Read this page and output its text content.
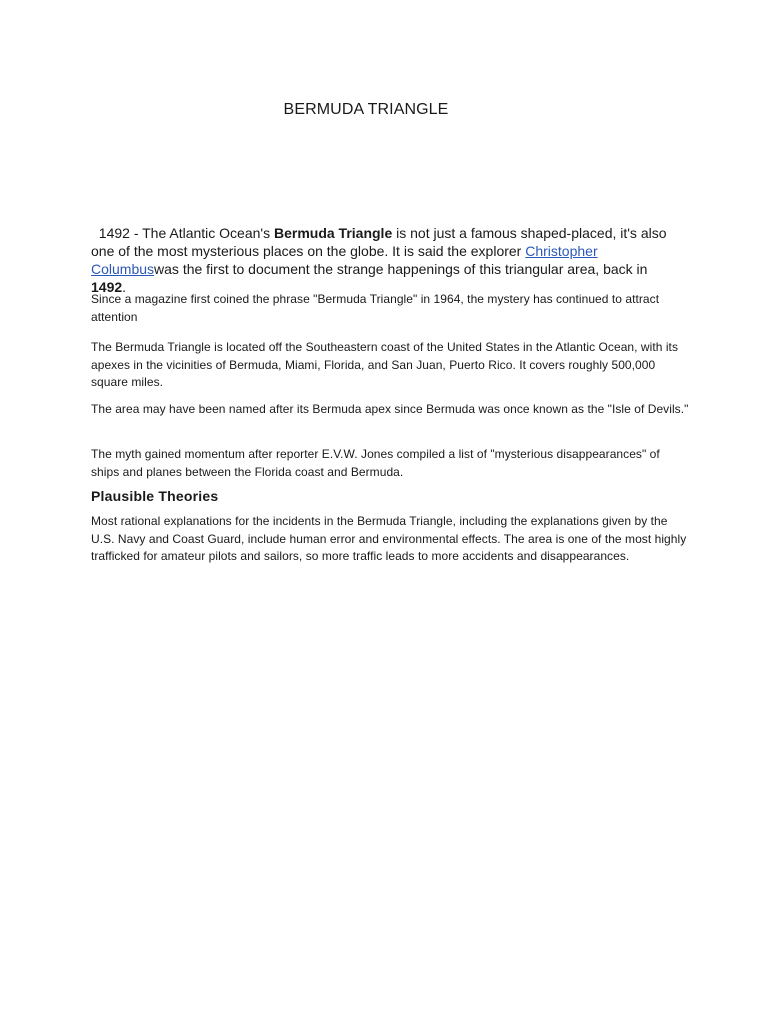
BERMUDA TRIANGLE

1492 - The Atlantic Ocean's Bermuda Triangle is not just a famous shaped-placed, it's also one of the most mysterious places on the globe. It is said the explorer Christopher Columbuswas the first to document the strange happenings of this triangular area, back in 1492.

Since a magazine first coined the phrase "Bermuda Triangle" in 1964, the mystery has continued to attract attention

The Bermuda Triangle is located off the Southeastern coast of the United States in the Atlantic Ocean, with its apexes in the vicinities of Bermuda, Miami, Florida, and San Juan, Puerto Rico. It covers roughly 500,000 square miles.

The area may have been named after its Bermuda apex since Bermuda was once known as the "Isle of Devils."

The myth gained momentum after reporter E.V.W. Jones compiled a list of "mysterious disappearances" of ships and planes between the Florida coast and Bermuda.

Plausible Theories

Most rational explanations for the incidents in the Bermuda Triangle, including the explanations given by the U.S. Navy and Coast Guard, include human error and environmental effects. The area is one of the most highly trafficked for amateur pilots and sailors, so more traffic leads to more accidents and disappearances.
